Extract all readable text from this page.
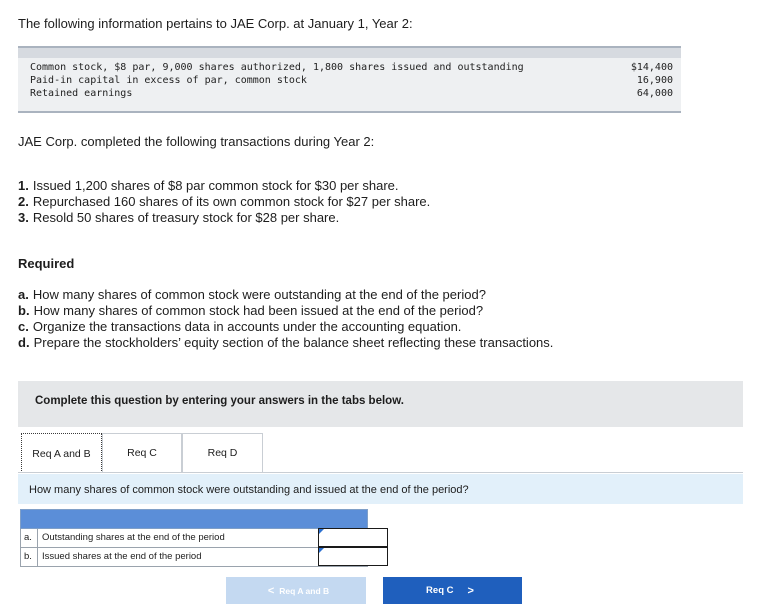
The following information pertains to JAE Corp. at January 1, Year 2:
Common stock, $8 par, 9,000 shares authorized, 1,800 shares issued and outstanding	$14,400
Paid-in capital in excess of par, common stock	16,900
Retained earnings	64,000
JAE Corp. completed the following transactions during Year 2:
1. Issued 1,200 shares of $8 par common stock for $30 per share.
2. Repurchased 160 shares of its own common stock for $27 per share.
3. Resold 50 shares of treasury stock for $28 per share.
Required
a. How many shares of common stock were outstanding at the end of the period?
b. How many shares of common stock had been issued at the end of the period?
c. Organize the transactions data in accounts under the accounting equation.
d. Prepare the stockholders’ equity section of the balance sheet reflecting these transactions.
Complete this question by entering your answers in the tabs below.
Req A and B	Req C	Req D
How many shares of common stock were outstanding and issued at the end of the period?
a.	Outstanding shares at the end of the period
b.	Issued shares at the end of the period
< Req A and B	Req C >
